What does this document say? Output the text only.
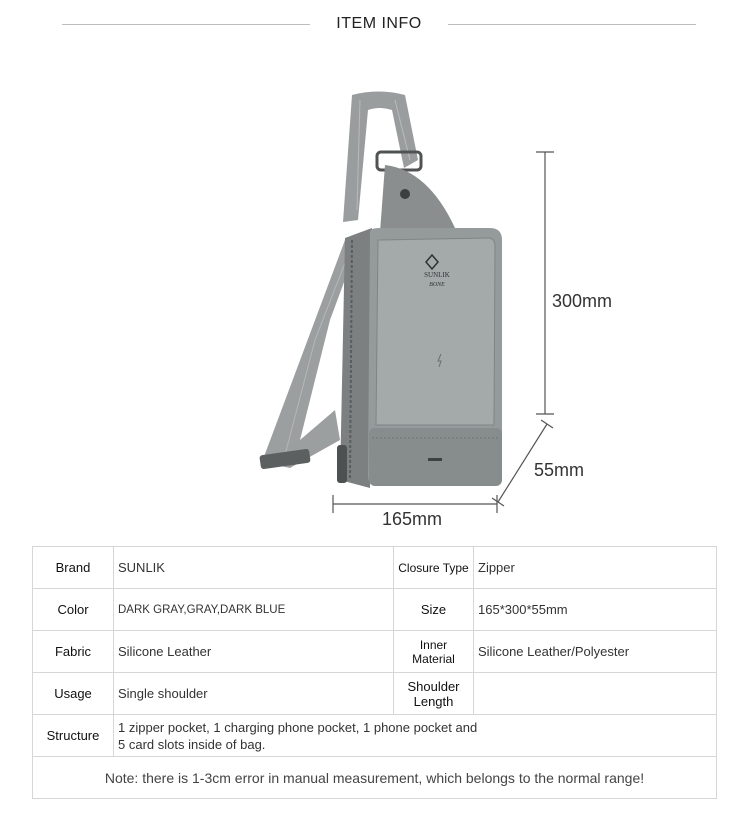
ITEM INFO
SUNLIK
BONE
300mm
55mm
165mm
Brand	SUNLIK	Closure Type	Zipper
Color	DARK GRAY,GRAY,DARK BLUE	Size	165*300*55mm
Fabric	Silicone Leather	Inner Material	Silicone Leather/Polyester
Usage	Single shoulder	Shoulder Length	
Structure	1 zipper pocket, 1 charging phone pocket, 1 phone pocket and 5 card slots inside of bag.		
Note: there is 1-3cm error in manual measurement, which belongs to the normal range!			
